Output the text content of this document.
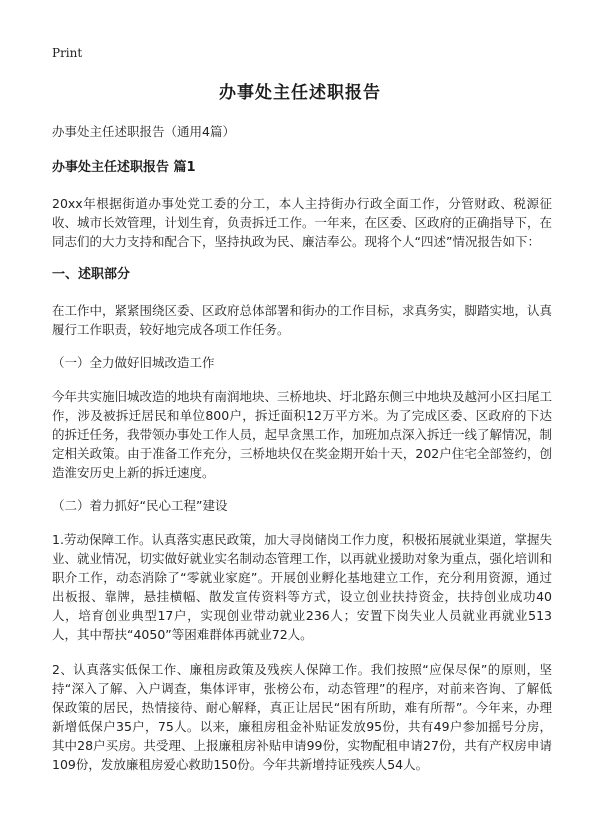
Print
办事处主任述职报告
办事处主任述职报告（通用4篇）
办事处主任述职报告 篇1
20xx年根据街道办事处党工委的分工，本人主持街办行政全面工作，分管财政、税源征收、城市长效管理，计划生育，负责拆迁工作。一年来，在区委、区政府的正确指导下，在同志们的大力支持和配合下，坚持执政为民、廉洁奉公。现将个人“四述”情况报告如下：
一、述职部分
在工作中，紧紧围绕区委、区政府总体部署和街办的工作目标，求真务实，脚踏实地，认真履行工作职责，较好地完成各项工作任务。
（一）全力做好旧城改造工作
今年共实施旧城改造的地块有南润地块、三桥地块、圩北路东侧三中地块及越河小区扫尾工作，涉及被拆迁居民和单位800户，拆迁面积12万平方米。为了完成区委、区政府的下达的拆迁任务，我带领办事处工作人员，起早贪黑工作，加班加点深入拆迁一线了解情况，制定相关政策。由于准备工作充分，三桥地块仅在奖金期开始十天，202户住宅全部签约，创造淮安历史上新的拆迁速度。
（二）着力抓好“民心工程”建设
1.劳动保障工作。认真落实惠民政策，加大寻岗储岗工作力度，积极拓展就业渠道，掌握失业、就业情况，切实做好就业实名制动态管理工作，以再就业援助对象为重点，强化培训和职介工作，动态消除了“零就业家庭”。开展创业孵化基地建立工作，充分利用资源，通过出板报、靠牌，悬挂横幅、散发宣传资料等方式，设立创业扶持资金，扶持创业成功40人，培育创业典型17户，实现创业带动就业236人；安置下岗失业人员就业再就业513人，其中帮扶“4050”等困难群体再就业72人。
2、认真落实低保工作、廉租房政策及残疾人保障工作。我们按照“应保尽保”的原则，坚持“深入了解、入户调查，集体评审，张榜公布，动态管理”的程序，对前来咨询、了解低保政策的居民，热情接待、耐心解释，真正让居民“困有所助，难有所帮”。今年来，办理新增低保户35户，75人。以来，廉租房租金补贴证发放95份，共有49户参加摇号分房，其中28户买房。共受理、上报廉租房补贴申请99份，实物配租申请27份，共有产权房申请109份，发放廉租房爱心救助150份。今年共新增持证残疾人54人。
